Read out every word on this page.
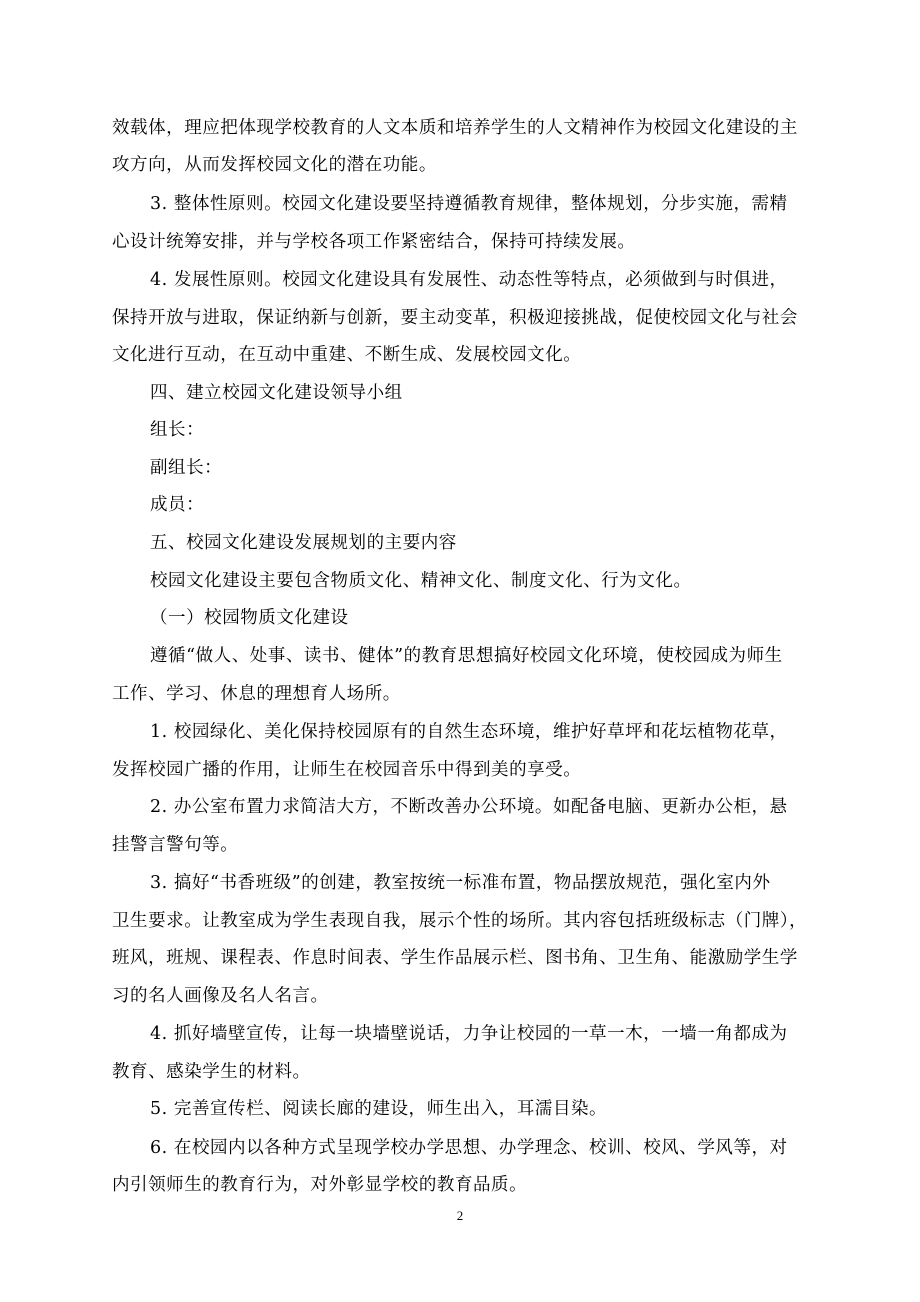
效载体，理应把体现学校教育的人文本质和培养学生的人文精神作为校园文化建设的主
攻方向，从而发挥校园文化的潜在功能。
3. 整体性原则。校园文化建设要坚持遵循教育规律，整体规划，分步实施，需精
心设计统筹安排，并与学校各项工作紧密结合，保持可持续发展。
4. 发展性原则。校园文化建设具有发展性、动态性等特点，必须做到与时俱进，
保持开放与进取，保证纳新与创新，要主动变革，积极迎接挑战，促使校园文化与社会
文化进行互动，在互动中重建、不断生成、发展校园文化。
四、建立校园文化建设领导小组
组长：
副组长：
成员：
五、校园文化建设发展规划的主要内容
校园文化建设主要包含物质文化、精神文化、制度文化、行为文化。
（一）校园物质文化建设
遵循“做人、处事、读书、健体”的教育思想搞好校园文化环境，使校园成为师生
工作、学习、休息的理想育人场所。
1. 校园绿化、美化保持校园原有的自然生态环境，维护好草坪和花坛植物花草，
发挥校园广播的作用，让师生在校园音乐中得到美的享受。
2. 办公室布置力求简洁大方，不断改善办公环境。如配备电脑、更新办公柜，悬
挂警言警句等。
3. 搞好“书香班级”的创建，教室按统一标准布置，物品摆放规范，强化室内外
卫生要求。让教室成为学生表现自我，展示个性的场所。其内容包括班级标志（门牌），
班风，班规、课程表、作息时间表、学生作品展示栏、图书角、卫生角、能激励学生学
习的名人画像及名人名言。
4. 抓好墙壁宣传，让每一块墙壁说话，力争让校园的一草一木，一墙一角都成为
教育、感染学生的材料。
5. 完善宣传栏、阅读长廊的建设，师生出入，耳濡目染。
6. 在校园内以各种方式呈现学校办学思想、办学理念、校训、校风、学风等，对
内引领师生的教育行为，对外彰显学校的教育品质。
2
